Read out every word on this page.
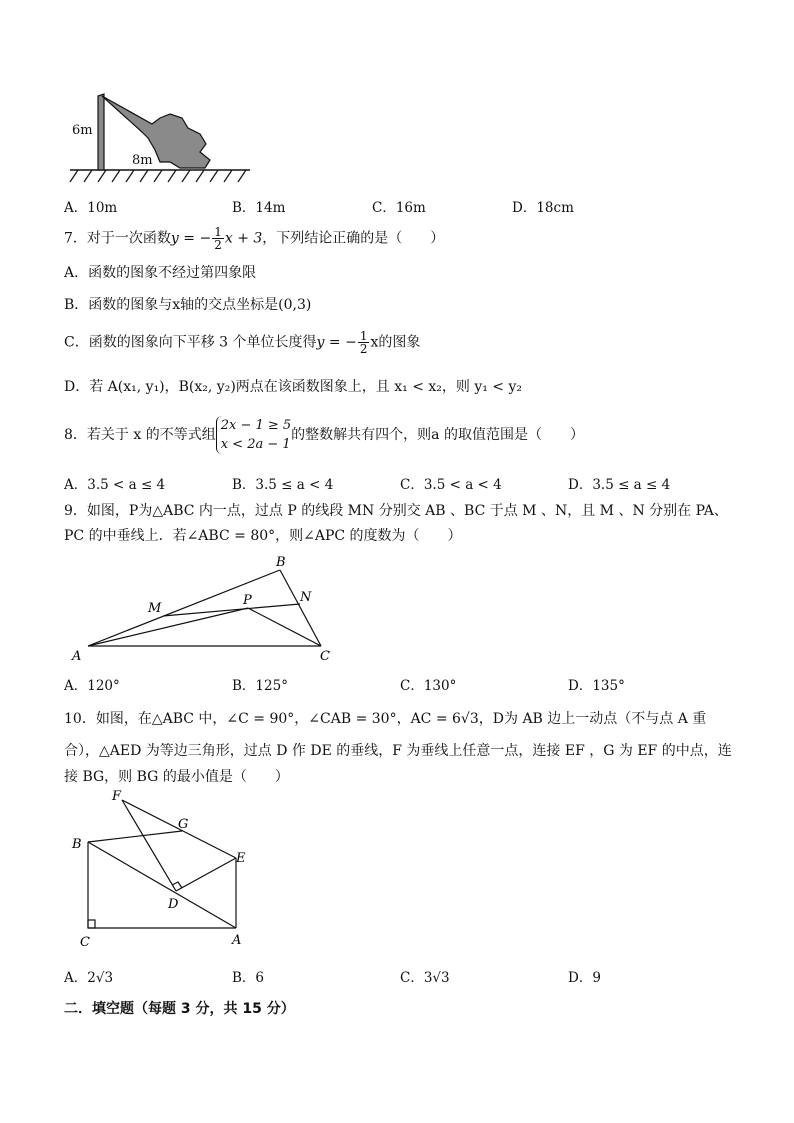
6m
8m
A．10m	B．14m	C．16m	D．18cm
7．对于一次函数y = − $\frac{1}{2}$ x + 3，下列结论正确的是（　　）
A．函数的图象不经过第四象限
B．函数的图象与x轴的交点坐标是(0,3)
C．函数的图象向下平移 3 个单位长度得y = − $\frac{1}{2}$ x的图象
D．若 A(x₁, y₁)，B(x₂, y₂)两点在该函数图象上，且 x₁ < x₂，则 y₁ < y₂
8．若关于 x 的不等式组
2x − 1 ≥ 5
x < 2a − 1
的整数解共有四个，则a 的取值范围是（　　）
A．3.5 < a ≤ 4	B．3.5 ≤ a < 4	C．3.5 < a < 4	D．3.5 ≤ a ≤ 4
9．如图，P为△ABC 内一点，过点 P 的线段 MN 分别交 AB 、BC 于点 M 、N，且 M 、N 分别在 PA、
PC 的中垂线上．若∠ABC = 80°，则∠APC 的度数为（　　）
A
B
C
M
N
P
A．120°	B．125°	C．130°	D．135°
10．如图，在△ABC 中，∠C = 90°，∠CAB = 30°，AC = 6√3，D为 AB 边上一动点（不与点 A 重
合），△AED 为等边三角形，过点 D 作 DE 的垂线，F 为垂线上任意一点，连接 EF ，G 为 EF 的中点，连
接 BG，则 BG 的最小值是（　　）
F
G
B
E
D
C	A
A．2√3	B．6	C．3√3	D．9
二．填空题（每题 3 分，共 15 分）
